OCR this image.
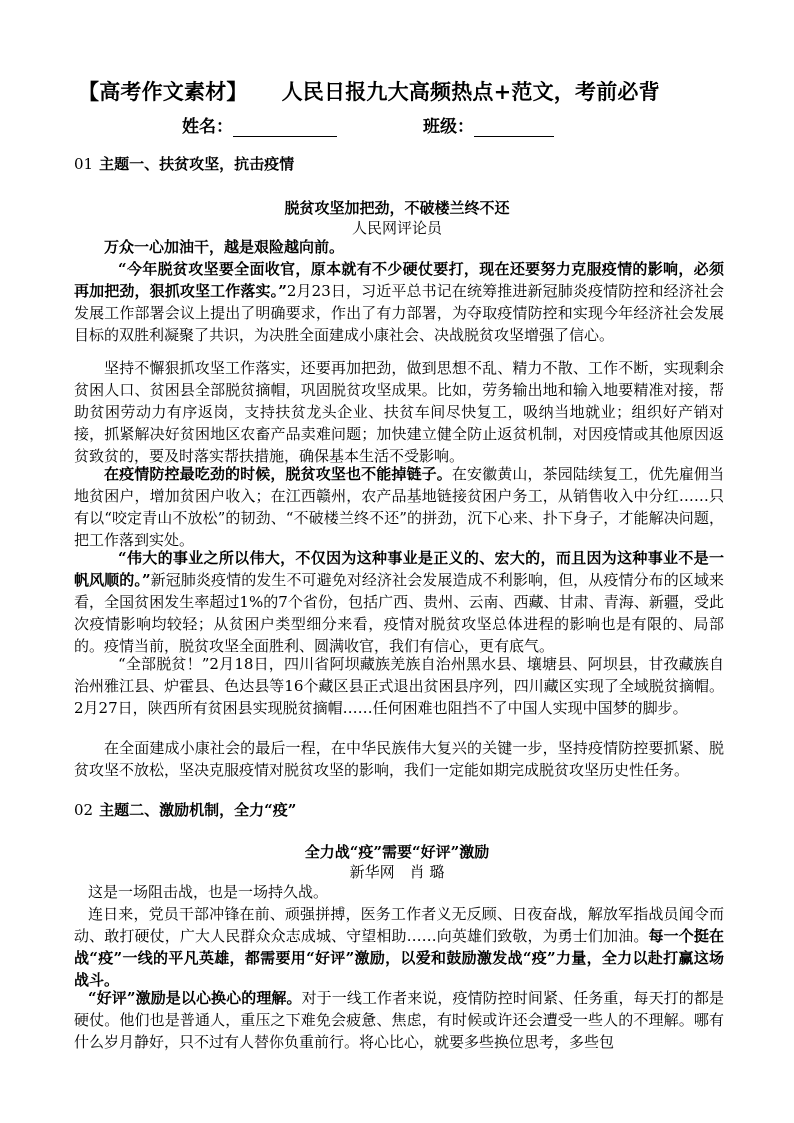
【高考作文素材】 人民日报九大高频热点+范文，考前必背
姓名：	班级：
01 主题一、扶贫攻坚，抗击疫情
脱贫攻坚加把劲，不破楼兰终不还
人民网评论员

万众一心加油干，越是艰险越向前。

“今年脱贫攻坚要全面收官，原本就有不少硬仗要打，现在还要努力克服疫情的影响，必须再加把劲，狠抓攻坚工作落实。”2月23日，习近平总书记在统筹推进新冠肺炎疫情防控和经济社会发展工作部署会议上提出了明确要求，作出了有力部署，为夺取疫情防控和实现今年经济社会发展目标的双胜利凝聚了共识，为决胜全面建成小康社会、决战脱贫攻坚增强了信心。

坚持不懈狠抓攻坚工作落实，还要再加把劲，做到思想不乱、精力不散、工作不断，实现剩余贫困人口、贫困县全部脱贫摘帽，巩固脱贫攻坚成果。比如，劳务输出地和输入地要精准对接，帮助贫困劳动力有序返岗，支持扶贫龙头企业、扶贫车间尽快复工，吸纳当地就业；组织好产销对接，抓紧解决好贫困地区农畜产品卖难问题；加快建立健全防止返贫机制，对因疫情或其他原因返贫致贫的，要及时落实帮扶措施，确保基本生活不受影响。

在疫情防控最吃劲的时候，脱贫攻坚也不能掉链子。在安徽黄山，茶园陆续复工，优先雇佣当地贫困户，增加贫困户收入；在江西赣州，农产品基地链接贫困户务工，从销售收入中分红……只有以“咬定青山不放松”的韧劲、“不破楼兰终不还”的拼劲，沉下心来、扑下身子，才能解决问题，把工作落到实处。

“伟大的事业之所以伟大，不仅因为这种事业是正义的、宏大的，而且因为这种事业不是一帆风顺的。”新冠肺炎疫情的发生不可避免对经济社会发展造成不利影响，但，从疫情分布的区域来看，全国贫困发生率超过1%的7个省份，包括广西、贵州、云南、西藏、甘肃、青海、新疆，受此次疫情影响均较轻；从贫困户类型细分来看，疫情对脱贫攻坚总体进程的影响也是有限的、局部的。疫情当前，脱贫攻坚全面胜利、圆满收官，我们有信心，更有底气。

“全部脱贫！”2月18日，四川省阿坝藏族羌族自治州黑水县、壤塘县、阿坝县，甘孜藏族自治州雅江县、炉霍县、色达县等16个藏区县正式退出贫困县序列，四川藏区实现了全域脱贫摘帽。2月27日，陕西所有贫困县实现脱贫摘帽……任何困难也阻挡不了中国人实现中国梦的脚步。

在全面建成小康社会的最后一程，在中华民族伟大复兴的关键一步，坚持疫情防控要抓紧、脱贫攻坚不放松，坚决克服疫情对脱贫攻坚的影响，我们一定能如期完成脱贫攻坚历史性任务。

02 主题二、激励机制，全力“疫”
全力战“疫”需要“好评”激励
新华网　肖 璐

这是一场阻击战，也是一场持久战。

连日来，党员干部冲锋在前、顽强拼搏，医务工作者义无反顾、日夜奋战，解放军指战员闻令而动、敢打硬仗，广大人民群众众志成城、守望相助……向英雄们致敬，为勇士们加油。每一个挺在战“疫”一线的平凡英雄，都需要用“好评”激励，以爱和鼓励激发战“疫”力量，全力以赴打赢这场战斗。

“好评”激励是以心换心的理解。对于一线工作者来说，疫情防控时间紧、任务重，每天打的都是硬仗。他们也是普通人，重压之下难免会疲惫、焦虑，有时候或许还会遭受一些人的不理解。哪有什么岁月静好，只不过有人替你负重前行。将心比心，就要多些换位思考，多些包
